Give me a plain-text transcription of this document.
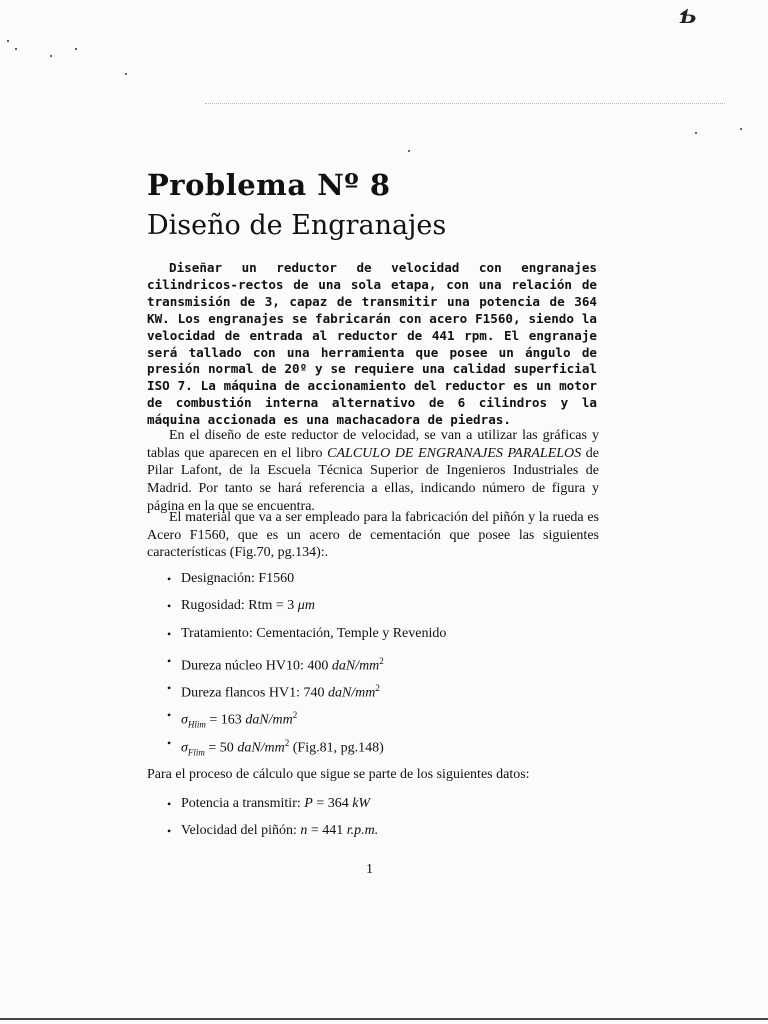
Ƅ
Problema Nº 8
Diseño de Engranajes

Diseñar un reductor de velocidad con engranajes cilindricos-rectos de una sola etapa, con una relación de transmisión de 3, capaz de transmitir una potencia de 364 KW. Los engranajes se fabricarán con acero F1560, siendo la velocidad de entrada al reductor de 441 rpm. El engranaje será tallado con una herramienta que posee un ángulo de presión normal de 20º y se requiere una calidad superficial ISO 7. La máquina de accionamiento del reductor es un motor de combustión interna alternativo de 6 cilindros y la máquina accionada es una machacadora de piedras.

En el diseño de este reductor de velocidad, se van a utilizar las gráficas y tablas que aparecen en el libro CALCULO DE ENGRANAJES PARALELOS de Pilar Lafont, de la Escuela Técnica Superior de Ingenieros Industriales de Madrid. Por tanto se hará referencia a ellas, indicando número de figura y página en la que se encuentra.

El material que va a ser empleado para la fabricación del piñón y la rueda es Acero F1560, que es un acero de cementación que posee las siguientes características (Fig.70, pg.134):.

• Designación: F1560
• Rugosidad: Rtm = 3 μm
• Tratamiento: Cementación, Temple y Revenido
• Dureza núcleo HV10: 400 daN/$mm^2$
• Dureza flancos HV1: 740 daN/$mm^2$
• $\sigma_{Hlim} = 163$ daN/$mm^2$
• $\sigma_{Flim} = 50$ daN/$mm^2$ (Fig.81, pg.148)

Para el proceso de cálculo que sigue se parte de los siguientes datos:

• Potencia a transmitir: P = 364 kW
• Velocidad del piñón: n = 441 r.p.m.
1
